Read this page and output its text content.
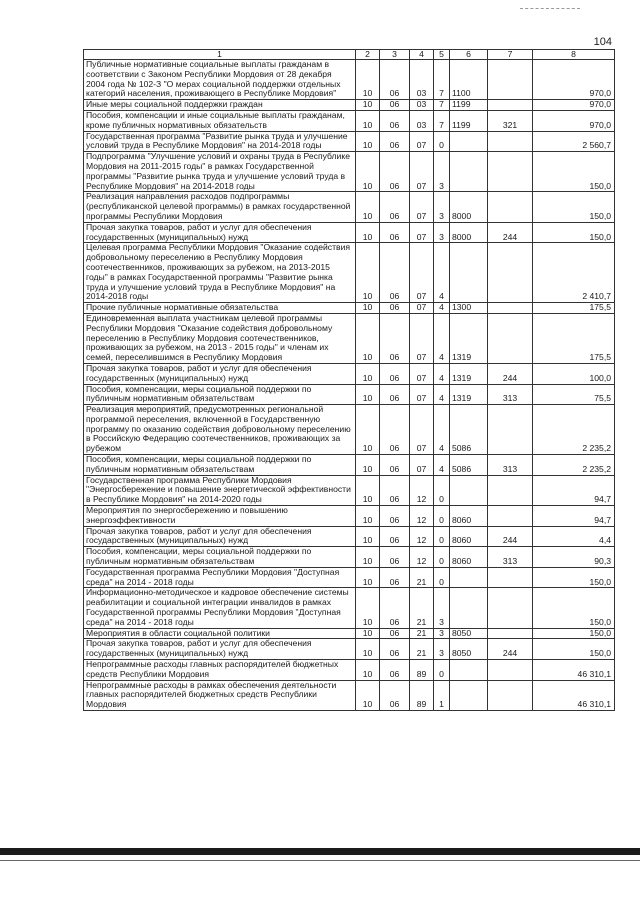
104
1	2	3	4	5	6	7	8
Публичные нормативные социальные выплаты гражданам в соответствии с Законом Республики Мордовия от 28 декабря 2004 года № 102-З "О мерах социальной поддержки отдельных категорий населения, проживающего в Республике Мордовия"	10	06	03	7	1100		970,0
Иные меры социальной поддержки граждан	10	06	03	7	1199		970,0
Пособия, компенсации и иные социальные выплаты гражданам, кроме публичных нормативных обязательств	10	06	03	7	1199	321	970,0
Государственная программа "Развитие рынка труда и улучшение условий труда в Республике Мордовия" на 2014-2018 годы	10	06	07	0			2 560,7
Подпрограмма "Улучшение условий и охраны труда в Республике Мордовия на 2011-2015 годы" в рамках Государственной программы "Развитие рынка труда и улучшение условий труда в Республике Мордовия" на 2014-2018 годы	10	06	07	3			150,0
Реализация направления расходов подпрограммы (республиканской целевой программы) в рамках государственной программы Республики Мордовия	10	06	07	3	8000		150,0
Прочая закупка товаров, работ и услуг для обеспечения государственных (муниципальных) нужд	10	06	07	3	8000	244	150,0
Целевая программа Республики Мордовия "Оказание содействия добровольному переселению в Республику Мордовия соотечественников, проживающих за рубежом, на 2013-2015 годы" в рамках Государственной программы "Развитие рынка труда и улучшение условий труда в Республике Мордовия" на 2014-2018 годы	10	06	07	4			2 410,7
Прочие публичные нормативные обязательства	10	06	07	4	1300		175,5
Единовременная выплата участникам целевой программы Республики Мордовия "Оказание содействия добровольному переселению в Республику Мордовия соотечественников, проживающих за рубежом, на 2013 - 2015 годы" и членам их семей, переселившимся в Республику Мордовия	10	06	07	4	1319		175,5
Прочая закупка товаров, работ и услуг для обеспечения государственных (муниципальных) нужд	10	06	07	4	1319	244	100,0
Пособия, компенсации, меры социальной поддержки по публичным нормативным обязательствам	10	06	07	4	1319	313	75,5
Реализация мероприятий, предусмотренных региональной программой переселения, включенной в Государственную программу по оказанию содействия добровольному переселению в Российскую Федерацию соотечественников, проживающих за рубежом	10	06	07	4	5086		2 235,2
Пособия, компенсации, меры социальной поддержки по публичным нормативным обязательствам	10	06	07	4	5086	313	2 235,2
Государственная программа Республики Мордовия "Энергосбережение и повышение энергетической эффективности в Республике Мордовия" на 2014-2020 годы	10	06	12	0			94,7
Мероприятия по энергосбережению и повышению энергоэффективности	10	06	12	0	8060		94,7
Прочая закупка товаров, работ и услуг для обеспечения государственных (муниципальных) нужд	10	06	12	0	8060	244	4,4
Пособия, компенсации, меры социальной поддержки по публичным нормативным обязательствам	10	06	12	0	8060	313	90,3
Государственная программа Республики Мордовия "Доступная среда" на 2014 - 2018 годы	10	06	21	0			150,0
Информационно-методическое и кадровое обеспечение системы реабилитации и социальной интеграции инвалидов в рамках Государственной программы Республики Мордовия "Доступная среда" на 2014 - 2018 годы	10	06	21	3			150,0
Мероприятия в области социальной политики	10	06	21	3	8050		150,0
Прочая закупка товаров, работ и услуг для обеспечения государственных (муниципальных) нужд	10	06	21	3	8050	244	150,0
Непрограммные расходы главных распорядителей бюджетных средств Республики Мордовия	10	06	89	0			46 310,1
Непрограммные расходы в рамках обеспечения деятельности главных распорядителей бюджетных средств Республики Мордовия	10	06	89	1			46 310,1
